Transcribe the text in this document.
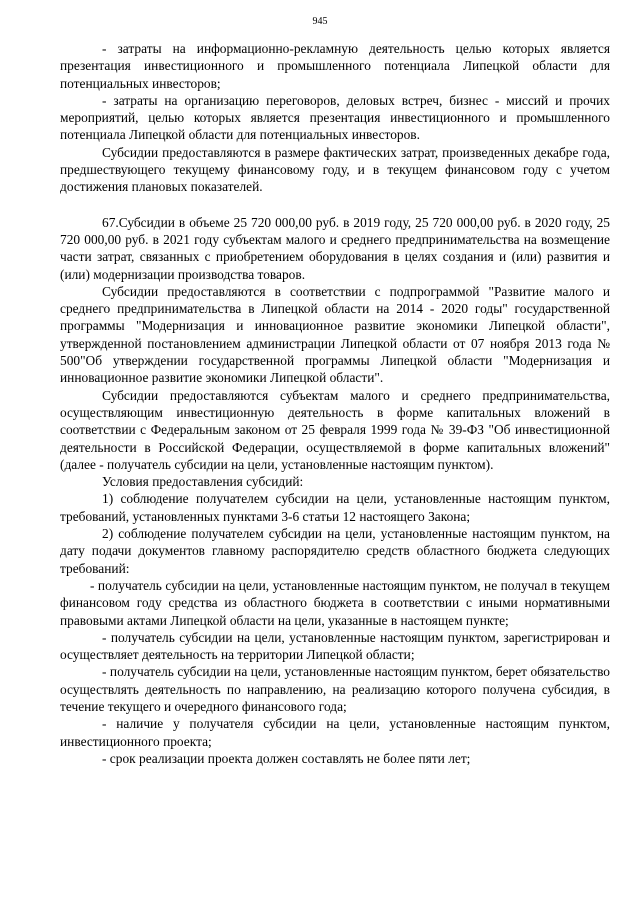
945

- затраты на информационно-рекламную деятельность целью которых является презентация инвестиционного и промышленного потенциала Липецкой области для потенциальных инвесторов;

- затраты на организацию переговоров, деловых встреч, бизнес - миссий и прочих мероприятий, целью которых является презентация инвестиционного и промышленного потенциала Липецкой области для потенциальных инвесторов.

Субсидии предоставляются в размере фактических затрат, произведенных декабре года, предшествующего текущему финансовому году, и в текущем финансовом году с учетом достижения плановых показателей.

67.Субсидии в объеме 25 720 000,00 руб. в 2019 году, 25 720 000,00 руб. в 2020 году, 25 720 000,00 руб. в 2021 году субъектам малого и среднего предпринимательства на возмещение части затрат, связанных с приобретением оборудования в целях создания и (или) развития и (или) модернизации производства товаров.

Субсидии предоставляются в соответствии с подпрограммой "Развитие малого и среднего предпринимательства в Липецкой области на 2014 - 2020 годы" государственной программы "Модернизация и инновационное развитие экономики Липецкой области", утвержденной постановлением администрации Липецкой области от 07 ноября 2013 года № 500"Об утверждении государственной программы Липецкой области "Модернизация и инновационное развитие экономики Липецкой области".

Субсидии предоставляются субъектам малого и среднего предпринимательства, осуществляющим инвестиционную деятельность в форме капитальных вложений в соответствии с Федеральным законом от 25 февраля 1999 года № 39-ФЗ "Об инвестиционной деятельности в Российской Федерации, осуществляемой в форме капитальных вложений" (далее - получатель субсидии на цели, установленные настоящим пунктом).

Условия предоставления субсидий:

1) соблюдение получателем субсидии на цели, установленные настоящим пунктом, требований, установленных пунктами 3-6 статьи 12 настоящего Закона;

2) соблюдение получателем субсидии на цели, установленные настоящим пунктом, на дату подачи документов главному распорядителю средств областного бюджета следующих требований:

- получатель субсидии на цели, установленные настоящим пунктом, не получал в текущем финансовом году средства из областного бюджета в соответствии с иными нормативными правовыми актами Липецкой области на цели, указанные в настоящем пункте;

- получатель субсидии на цели, установленные настоящим пунктом, зарегистрирован и осуществляет деятельность на территории Липецкой области;

- получатель субсидии на цели, установленные настоящим пунктом, берет обязательство осуществлять деятельность по направлению, на реализацию которого получена субсидия, в течение текущего и очередного финансового года;

- наличие у получателя субсидии на цели, установленные настоящим пунктом, инвестиционного проекта;

- срок реализации проекта должен составлять не более пяти лет;
